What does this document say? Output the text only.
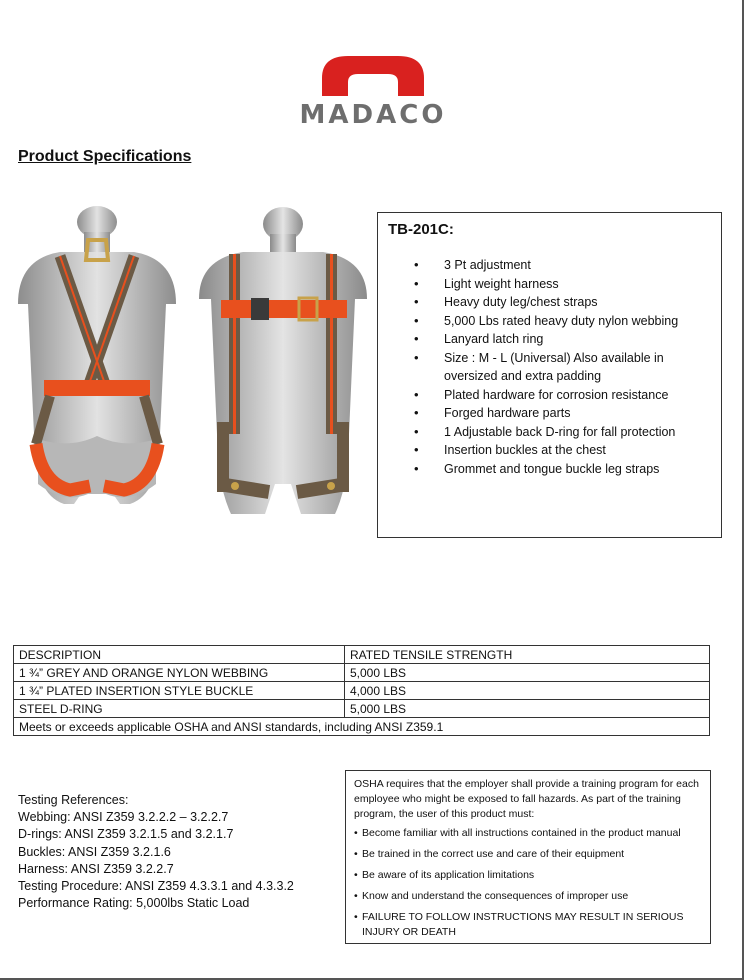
MADACO
Product Specifications
TB-201C:
• 3 Pt adjustment
• Light weight harness
• Heavy duty leg/chest straps
• 5,000 Lbs rated heavy duty nylon webbing
• Lanyard latch ring
• Size : M - L (Universal) Also available in oversized and extra padding
• Plated hardware for corrosion resistance
• Forged hardware parts
• 1 Adjustable back D-ring for fall protection
• Insertion buckles at the chest
• Grommet and tongue buckle leg straps
DESCRIPTION	RATED TENSILE STRENGTH
1 ¾” GREY AND ORANGE NYLON WEBBING	5,000 LBS
1 ¾” PLATED INSERTION STYLE BUCKLE	4,000 LBS
STEEL D-RING	5,000 LBS
Meets or exceeds applicable OSHA and ANSI standards, including ANSI Z359.1	
Testing References:
Webbing: ANSI Z359 3.2.2.2 – 3.2.2.7
D-rings: ANSI Z359 3.2.1.5 and 3.2.1.7
Buckles: ANSI Z359 3.2.1.6
Harness: ANSI Z359 3.2.2.7
Testing Procedure: ANSI Z359 4.3.3.1 and 4.3.3.2
Performance Rating: 5,000lbs Static Load
OSHA requires that the employer shall provide a training program for each employee who might be exposed to fall hazards. As part of the training program, the user of this product must:
• Become familiar with all instructions contained in the product manual
• Be trained in the correct use and care of their equipment
• Be aware of its application limitations
• Know and understand the consequences of improper use
• FAILURE TO FOLLOW INSTRUCTIONS MAY RESULT IN SERIOUS INJURY OR DEATH
